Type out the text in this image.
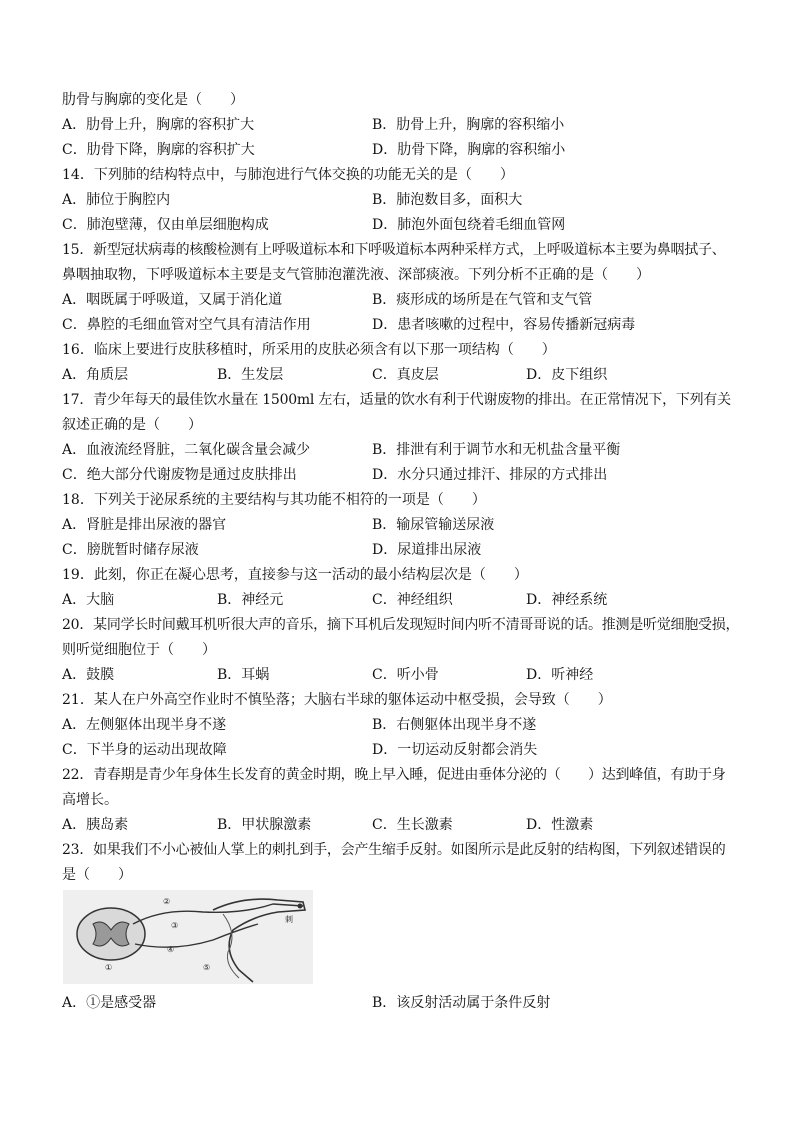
肋骨与胸廓的变化是（　　）
A．肋骨上升，胸廓的容积扩大	B．肋骨上升，胸廓的容积缩小
C．肋骨下降，胸廓的容积扩大	D．肋骨下降，胸廓的容积缩小
14．下列肺的结构特点中，与肺泡进行气体交换的功能无关的是（　　）
A．肺位于胸腔内	B．肺泡数目多，面积大
C．肺泡壁薄，仅由单层细胞构成	D．肺泡外面包绕着毛细血管网
15．新型冠状病毒的核酸检测有上呼吸道标本和下呼吸道标本两种采样方式，上呼吸道标本主要为鼻咽拭子、
鼻咽抽取物，下呼吸道标本主要是支气管肺泡灌洗液、深部痰液。下列分析不正确的是（　　）
A．咽既属于呼吸道，又属于消化道	B．痰形成的场所是在气管和支气管
C．鼻腔的毛细血管对空气具有清洁作用	D．患者咳嗽的过程中，容易传播新冠病毒
16．临床上要进行皮肤移植时，所采用的皮肤必须含有以下那一项结构（　　）
A．角质层	B．生发层	C．真皮层	D．皮下组织
17．青少年每天的最佳饮水量在 1500ml 左右，适量的饮水有利于代谢废物的排出。在正常情况下，下列有关
叙述正确的是（　　）
A．血液流经肾脏，二氧化碳含量会减少	B．排泄有利于调节水和无机盐含量平衡
C．绝大部分代谢废物是通过皮肤排出	D．水分只通过排汗、排尿的方式排出
18．下列关于泌尿系统的主要结构与其功能不相符的一项是（　　）
A．肾脏是排出尿液的器官	B．输尿管输送尿液
C．膀胱暂时储存尿液	D．尿道排出尿液
19．此刻，你正在凝心思考，直接参与这一活动的最小结构层次是（　　）
A．大脑	B．神经元	C．神经组织	D．神经系统
20．某同学长时间戴耳机听很大声的音乐，摘下耳机后发现短时间内听不清哥哥说的话。推测是听觉细胞受损，
则听觉细胞位于（　　）
A．鼓膜	B．耳蜗	C．听小骨	D．听神经
21．某人在户外高空作业时不慎坠落；大脑右半球的躯体运动中枢受损，会导致（　　）
A．左侧躯体出现半身不遂	B．右侧躯体出现半身不遂
C．下半身的运动出现故障	D．一切运动反射都会消失
22．青春期是青少年身体生长发育的黄金时期，晚上早入睡，促进由垂体分泌的（　　）达到峰值，有助于身
高增长。
A．胰岛素	B．甲状腺激素	C．生长激素	D．性激素
23．如果我们不小心被仙人掌上的刺扎到手，会产生缩手反射。如图所示是此反射的结构图，下列叙述错误的
是（　　）
①
②
③
④
⑤
刺
A．①是感受器	B．该反射活动属于条件反射
